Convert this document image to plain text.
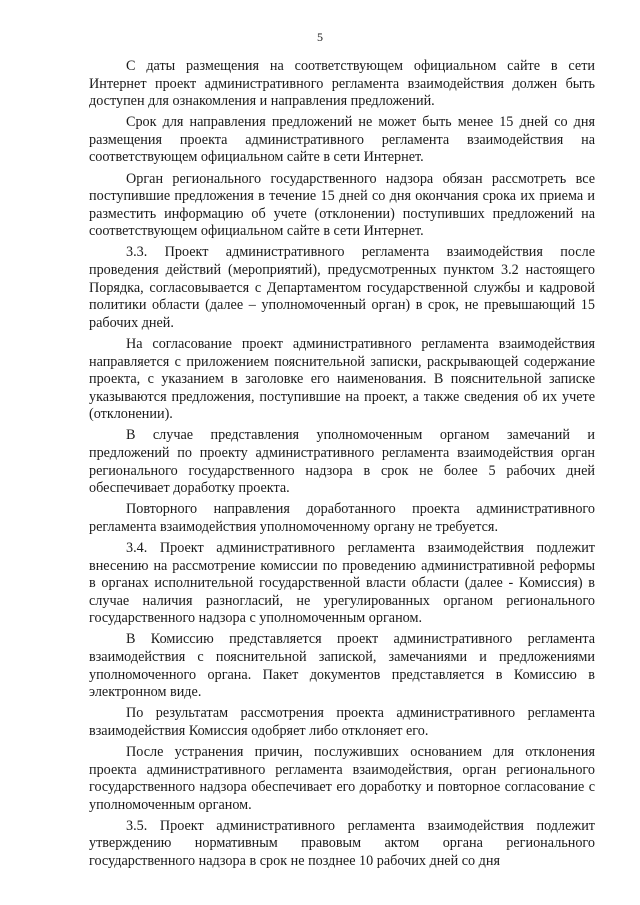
5

С даты размещения на соответствующем официальном сайте в сети Интернет проект административного регламента взаимодействия должен быть доступен для ознакомления и направления предложений.

Срок для направления предложений не может быть менее 15 дней со дня размещения проекта административного регламента взаимодействия на соответствующем официальном сайте в сети Интернет.

Орган регионального государственного надзора обязан рассмотреть все поступившие предложения в течение 15 дней со дня окончания срока их приема и разместить информацию об учете (отклонении) поступивших предложений на соответствующем официальном сайте в сети Интернет.

3.3. Проект административного регламента взаимодействия после проведения действий (мероприятий), предусмотренных пунктом 3.2 настоящего Порядка, согласовывается с Департаментом государственной службы и кадровой политики области (далее – уполномоченный орган) в срок, не превышающий 15 рабочих дней.

На согласование проект административного регламента взаимодействия направляется с приложением пояснительной записки, раскрывающей содержание проекта, с указанием в заголовке его наименования. В пояснительной записке указываются предложения, поступившие на проект, а также сведения об их учете (отклонении).

В случае представления уполномоченным органом замечаний и предложений по проекту административного регламента взаимодействия орган регионального государственного надзора в срок не более 5 рабочих дней обеспечивает доработку проекта.

Повторного направления доработанного проекта административного регламента взаимодействия уполномоченному органу не требуется.

3.4. Проект административного регламента взаимодействия подлежит внесению на рассмотрение комиссии по проведению административной реформы в органах исполнительной государственной власти области (далее - Комиссия) в случае наличия разногласий, не урегулированных органом регионального государственного надзора с уполномоченным органом.

В Комиссию представляется проект административного регламента взаимодействия с пояснительной запиской, замечаниями и предложениями уполномоченного органа. Пакет документов представляется в Комиссию в электронном виде.

По результатам рассмотрения проекта административного регламента взаимодействия Комиссия одобряет либо отклоняет его.

После устранения причин, послуживших основанием для отклонения проекта административного регламента взаимодействия, орган регионального государственного надзора обеспечивает его доработку и повторное согласование с уполномоченным органом.

3.5. Проект административного регламента взаимодействия подлежит утверждению нормативным правовым актом органа регионального государственного надзора в срок не позднее 10 рабочих дней со дня
